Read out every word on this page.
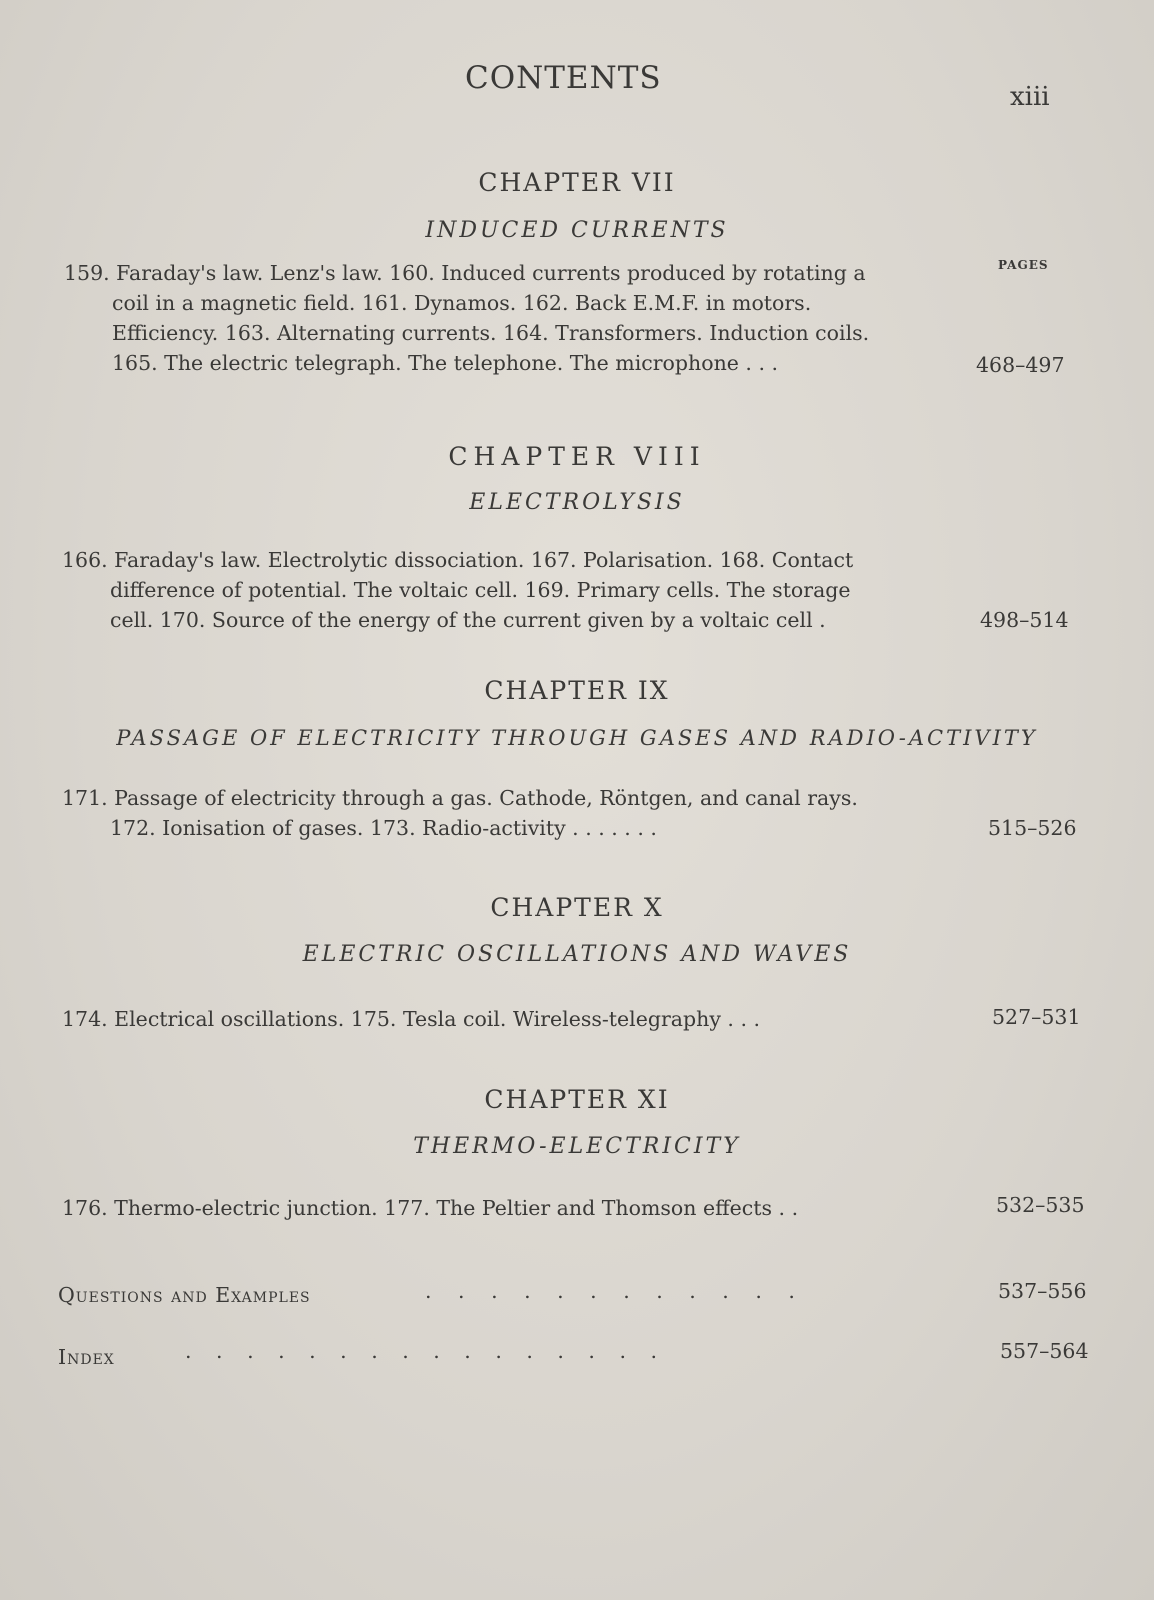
CONTENTS
xiii
CHAPTER VII
INDUCED CURRENTS
PAGES
159. Faraday's law. Lenz's law. 160. Induced currents produced by rotating a
coil in a magnetic field. 161. Dynamos. 162. Back E.M.F. in motors.
Efficiency. 163. Alternating currents. 164. Transformers. Induction coils.
165. The electric telegraph. The telephone. The microphone . . .	468–497
CHAPTER VIII
ELECTROLYSIS
166. Faraday's law. Electrolytic dissociation. 167. Polarisation. 168. Contact
difference of potential. The voltaic cell. 169. Primary cells. The storage
cell. 170. Source of the energy of the current given by a voltaic cell .	498–514
CHAPTER IX
PASSAGE OF ELECTRICITY THROUGH GASES AND RADIO-ACTIVITY
171. Passage of electricity through a gas. Cathode, Röntgen, and canal rays.
172. Ionisation of gases. 173. Radio-activity . . . . . . .	515–526
CHAPTER X
ELECTRIC OSCILLATIONS AND WAVES
174. Electrical oscillations. 175. Tesla coil. Wireless-telegraphy . . .	527–531
CHAPTER XI
THERMO-ELECTRICITY
176. Thermo-electric junction. 177. The Peltier and Thomson effects . .	532–535
Questions and Examples	. . . . . . . . . . . .	537–556
Index	. . . . . . . . . . . . . . . .	557–564
